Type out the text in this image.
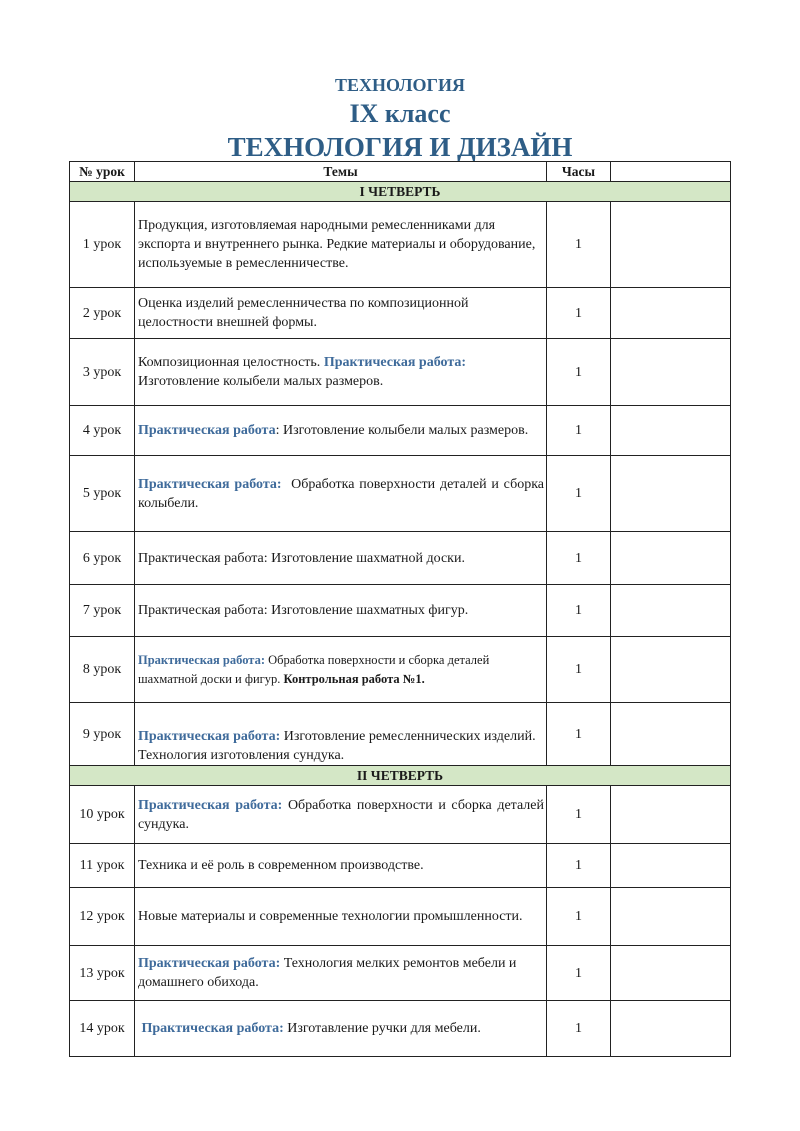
ТЕХНОЛОГИЯ
IX класс
ТЕХНОЛОГИЯ И ДИЗАЙН
№ урок	Темы	Часы	
I ЧЕТВЕРТЬ			
1 урок	Продукция, изготовляемая народными ремесленниками для экспорта и внутреннего рынка. Редкие материалы и оборудование, используемые в ремесленничестве.	1	
2 урок	Оценка изделий ремесленничества по композиционной целостности внешней формы.	1	
3 урок	Композиционная целостность. Практическая работа: Изготовление колыбели малых размеров.	1	
4 урок	Практическая работа: Изготовление колыбели малых размеров.	1	
5 урок	Практическая работа:  Обработка поверхности деталей и сборка колыбели.	1	
6 урок	Практическая работа: Изготовление шахматной доски.	1	
7 урок	Практическая работа: Изготовление шахматных фигур.	1	
8 урок	Практическая работа: Обработка поверхности и сборка деталей шахматной доски и фигур. Контрольная работа №1.	1	
9 урок	Практическая работа: Изготовление ремесленнических изделий. Технология изготовления сундука.	1	
II ЧЕТВЕРТЬ			
10 урок	Практическая работа: Обработка поверхности и сборка деталей сундука.	1	
11 урок	Техника и её роль в современном производстве.	1	
12 урок	Новые материалы и современные технологии промышленности.	1	
13 урок	Практическая работа: Технология мелких ремонтов мебели и домашнего обихода.	1	
14 урок	Практическая работа: Изготавление ручки для мебели.	1	
